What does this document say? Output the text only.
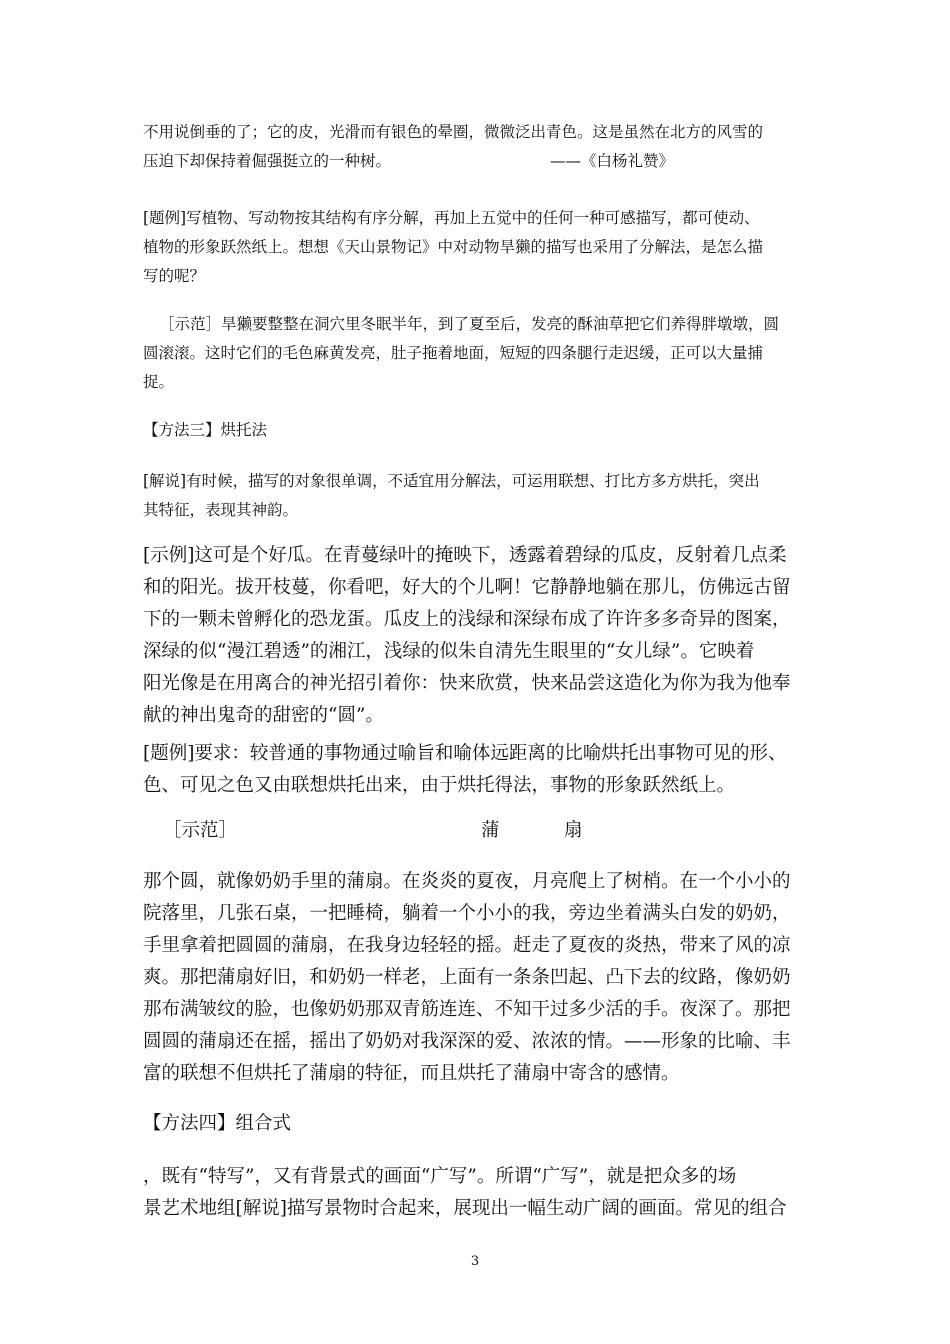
不用说倒垂的了；它的皮，光滑而有银色的晕圈，微微泛出青色。这是虽然在北方的风雪的
压迫下却保持着倔强挺立的一种树。	——《白杨礼赞》
[题例]写植物、写动物按其结构有序分解，再加上五觉中的任何一种可感描写，都可使动、
植物的形象跃然纸上。想想《天山景物记》中对动物旱獭的描写也采用了分解法，是怎么描
写的呢？
［示范］旱獭要整整在洞穴里冬眠半年，到了夏至后，发亮的酥油草把它们养得胖墩墩，圆
圆滚滚。这时它们的毛色麻黄发亮，肚子拖着地面，短短的四条腿行走迟缓，正可以大量捕
捉。
【方法三】烘托法
[解说]有时候，描写的对象很单调，不适宜用分解法，可运用联想、打比方多方烘托，突出
其特征，表现其神韵。
[示例]这可是个好瓜。在青蔓绿叶的掩映下，透露着碧绿的瓜皮，反射着几点柔
和的阳光。拔开枝蔓，你看吧，好大的个儿啊！它静静地躺在那儿，仿佛远古留
下的一颗未曾孵化的恐龙蛋。瓜皮上的浅绿和深绿布成了许许多多奇异的图案，
深绿的似“漫江碧透”的湘江，浅绿的似朱自清先生眼里的“女儿绿”。它映着
阳光像是在用离合的神光招引着你：快来欣赏，快来品尝这造化为你为我为他奉
献的神出鬼奇的甜密的“圆”。
[题例]要求：较普通的事物通过喻旨和喻体远距离的比喻烘托出事物可见的形、
色、可见之色又由联想烘托出来，由于烘托得法，事物的形象跃然纸上。
［示范］	蒲	扇
那个圆，就像奶奶手里的蒲扇。在炎炎的夏夜，月亮爬上了树梢。在一个小小的
院落里，几张石桌，一把睡椅，躺着一个小小的我，旁边坐着满头白发的奶奶，
手里拿着把圆圆的蒲扇，在我身边轻轻的摇。赶走了夏夜的炎热，带来了风的凉
爽。那把蒲扇好旧，和奶奶一样老，上面有一条条凹起、凸下去的纹路，像奶奶
那布满皱纹的脸，也像奶奶那双青筋连连、不知干过多少活的手。夜深了。那把
圆圆的蒲扇还在摇，摇出了奶奶对我深深的爱、浓浓的情。——形象的比喻、丰
富的联想不但烘托了蒲扇的特征，而且烘托了蒲扇中寄含的感情。
【方法四】组合式
，既有“特写”，又有背景式的画面“广写”。所谓“广写”，就是把众多的场
景艺术地组[解说]描写景物时合起来，展现出一幅生动广阔的画面。常见的组合
3
